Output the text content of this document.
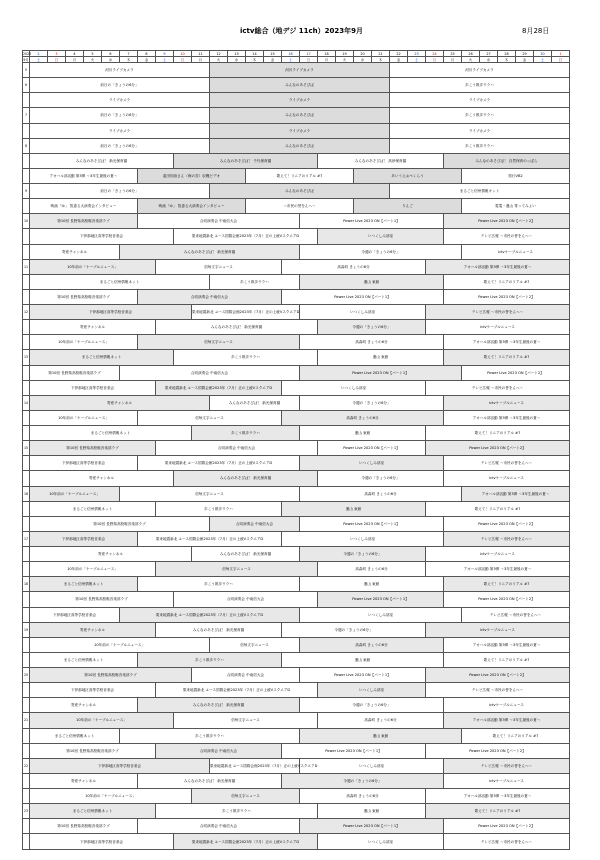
ictv総合（地デジ 11ch）2023年9月	8月28日
2023	2	3	4	5	6	7	8	9	10	11	12	13	14	15	16	17	18	19	20	21	22	23	24	25	26	27	28	29	30	1
9月	土	日	月	火	水	木	金	土	日	月	火	水	木	金	土	日	月	火	水	木	金	土	日	月	火	水	木	金	土	日
5	河川ライブカメラ										河川ライブカメラ										河川ライブカメラ									

6	前日の「きょうの6分」										みんなのあそびば										歩こう散歩ウラハ									

	ライブカメラ										ライブカメラ										ライブカメラ									

7	前日の「きょうの6分」										みんなのあそびば										歩こう散歩ウラハ									

	ライブカメラ										ライブカメラ										ライブカメラ									

8	前日の「きょうの6分」										みんなのあそびば										歩こう散歩ウラハ									

	みんなのあそびば！ 新光保育園								みんなのあそびば！ 千代保育園								みんなのあそびば！ 高砂保育園							みんなのあそびば！ 自然保育のっぽら						

	アオハル部活動 第3弾 ～3年生最後の夏～						遠田知治さん（海の宮）収穫ビデオ						歌えて！リニアのリアル #7						あいうえおぺくらう						旅行VB2					

9	前日の「きょうの6分」										みんなのあそびば										まるごと信州情報キット									

	映画「ゆ」 智恵る大演奏会インタビュー						映画「ゆ」 智恵る大演奏会インタビュー						～市民の誉をんへ～						りんご						電電・運山 寄ってみよい					

10	第10回 長野県高校軽音楽部ラブ						合同演奏会 中南信大会									Power Live 2023 ON【パート1】								Power Live 2023 ON【パート2】						

	下伊那地区高等学校音楽会								果来地震新北 ユース国際会館2023年（7月）正の上統VスクエアD								いつくしみ部室							テレビ広報 ～市民の誉をんへ～						

	寄産チャンネル					みんなのあそびば！ 新光保育園										今週の「きょうの6分」									ictvケーブルニュース					

11	10年前の「ケーブルニュース」							信毎文字ニュース							高森町 きょうの6分								アオハル部活動 第3弾 ～3年生最後の夏～							

	まるごと信州情報ネット										歩こう散歩ウラハ					運山 東館								歌えて！リニアのリアル #7						

	第10回 長野県高校軽音楽部ラブ						合同演奏会 中南信大会								Power Live 2023 ON【パート1】									Power Live 2023 ON【パート2】						

12	下伊那地区高等学校音楽会									果来地震新北 ユース国際会館2023年（7月）正の上統VスクエアD						いつくしみ部室							テレビ広報 ～市民の誉をんへ～							

	寄産チャンネル							みんなのあそびば！ 新光保育園									今週の「きょうの6分」						ictvケーブルニュース							

	10年前の「ケーブルニュース」						信毎文字ニュース									高森町 きょうの6分								アオハル部活動 第3弾 ～3年生最後の夏～						

13	まるごと信州情報ネット								歩こう散歩ウラハ								運山 東館							歌えて！リニアのリアル #7						

	第10回 長野県高校軽音楽部ラブ					合同演奏会 中南信大会										Power Live 2023 ON【パート1】									Power Live 2023 ON【パート2】					

	下伊那地区高等学校音楽会							果来地震新北 ユース国際会館2023年（7月）正の上統VスクエアD							いつくしみ部室								テレビ広報 ～市民の誉をんへ～							

14	寄産チャンネル										みんなのあそびば！ 新光保育園					今週の「きょうの6分」								ictvケーブルニュース						

	10年前の「ケーブルニュース」						信毎文字ニュース								高森町 きょうの6分									アオハル部活動 第3弾 ～3年生最後の夏～						

	まるごと信州情報ネット									歩こう散歩ウラハ						運山 東館							歌えて！リニアのリアル #7							

15	第10回 長野県高校軽音楽部ラブ							合同演奏会 中南信大会									Power Live 2023 ON【パート1】						Power Live 2023 ON【パート2】							

	下伊那地区高等学校音楽会						果来地震新北 ユース国際会館2023年（7月）正の上統VスクエアD									いつくしみ部室								テレビ広報 ～市民の誉をんへ～						

	寄産チャンネル								みんなのあそびば！ 新光保育園								今週の「きょうの6分」							ictvケーブルニュース						

16	10年前の「ケーブルニュース」					信毎文字ニュース										高森町 きょうの6分									アオハル部活動 第3弾 ～3年生最後の夏～					

	まるごと信州情報ネット							歩こう散歩ウラハ							運山 東館								歌えて！リニアのリアル #7							

	第10回 長野県高校軽音楽部ラブ										合同演奏会 中南信大会					Power Live 2023 ON【パート1】								Power Live 2023 ON【パート2】						

17	下伊那地区高等学校音楽会						果来地震新北 ユース国際会館2023年（7月）正の上統VスクエアD								いつくしみ部室									テレビ広報 ～市民の誉をんへ～						

	寄産チャンネル									みんなのあそびば！ 新光保育園						今週の「きょうの6分」							ictvケーブルニュース							

	10年前の「ケーブルニュース」							信毎文字ニュース									高森町 きょうの6分						アオハル部活動 第3弾 ～3年生最後の夏～							

18	まるごと信州情報ネット						歩こう散歩ウラハ									運山 東館								歌えて！リニアのリアル #7						

	第10回 長野県高校軽音楽部ラブ								合同演奏会 中南信大会								Power Live 2023 ON【パート1】							Power Live 2023 ON【パート2】						

	下伊那地区高等学校音楽会					果来地震新北 ユース国際会館2023年（7月）正の上統VスクエアD										いつくしみ部室									テレビ広報 ～市民の誉をんへ～					

19	寄産チャンネル							みんなのあそびば！ 新光保育園							今週の「きょうの6分」								ictvケーブルニュース							

	10年前の「ケーブルニュース」										信毎文字ニュース					高森町 きょうの6分								アオハル部活動 第3弾 ～3年生最後の夏～						

	まるごと信州情報ネット						歩こう散歩ウラハ								運山 東館									歌えて！リニアのリアル #7						

20	第10回 長野県高校軽音楽部ラブ									合同演奏会 中南信大会						Power Live 2023 ON【パート1】							Power Live 2023 ON【パート2】							

	下伊那地区高等学校音楽会							果来地震新北 ユース国際会館2023年（7月）正の上統VスクエアD									いつくしみ部室						テレビ広報 ～市民の誉をんへ～							

	寄産チャンネル						みんなのあそびば！ 新光保育園									今週の「きょうの6分」								ictvケーブルニュース						

21	10年前の「ケーブルニュース」								信毎文字ニュース								高森町 きょうの6分							アオハル部活動 第3弾 ～3年生最後の夏～						

	まるごと信州情報ネット					歩こう散歩ウラハ										運山 東館									歌えて！リニアのリアル #7					

	第10回 長野県高校軽音楽部ラブ							合同演奏会 中南信大会							Power Live 2023 ON【パート1】								Power Live 2023 ON【パート2】							

22	下伊那地区高等学校音楽会										果来地震新北 ユース国際会館2023年（7月）正の上統VスクエアD					いつくしみ部室								テレビ広報 ～市民の誉をんへ～						

	寄産チャンネル						みんなのあそびば！ 新光保育園								今週の「きょうの6分」									ictvケーブルニュース						

	10年前の「ケーブルニュース」									信毎文字ニュース						高森町 きょうの6分							アオハル部活動 第3弾 ～3年生最後の夏～							

23	まるごと信州情報ネット							歩こう散歩ウラハ									運山 東館						歌えて！リニアのリアル #7							

	第10回 長野県高校軽音楽部ラブ						合同演奏会 中南信大会									Power Live 2023 ON【パート1】								Power Live 2023 ON【パート2】						

	下伊那地区高等学校音楽会								果来地震新北 ユース国際会館2023年（7月）正の上統VスクエアD								いつくしみ部室							テレビ広報 ～市民の誉をんへ～						
